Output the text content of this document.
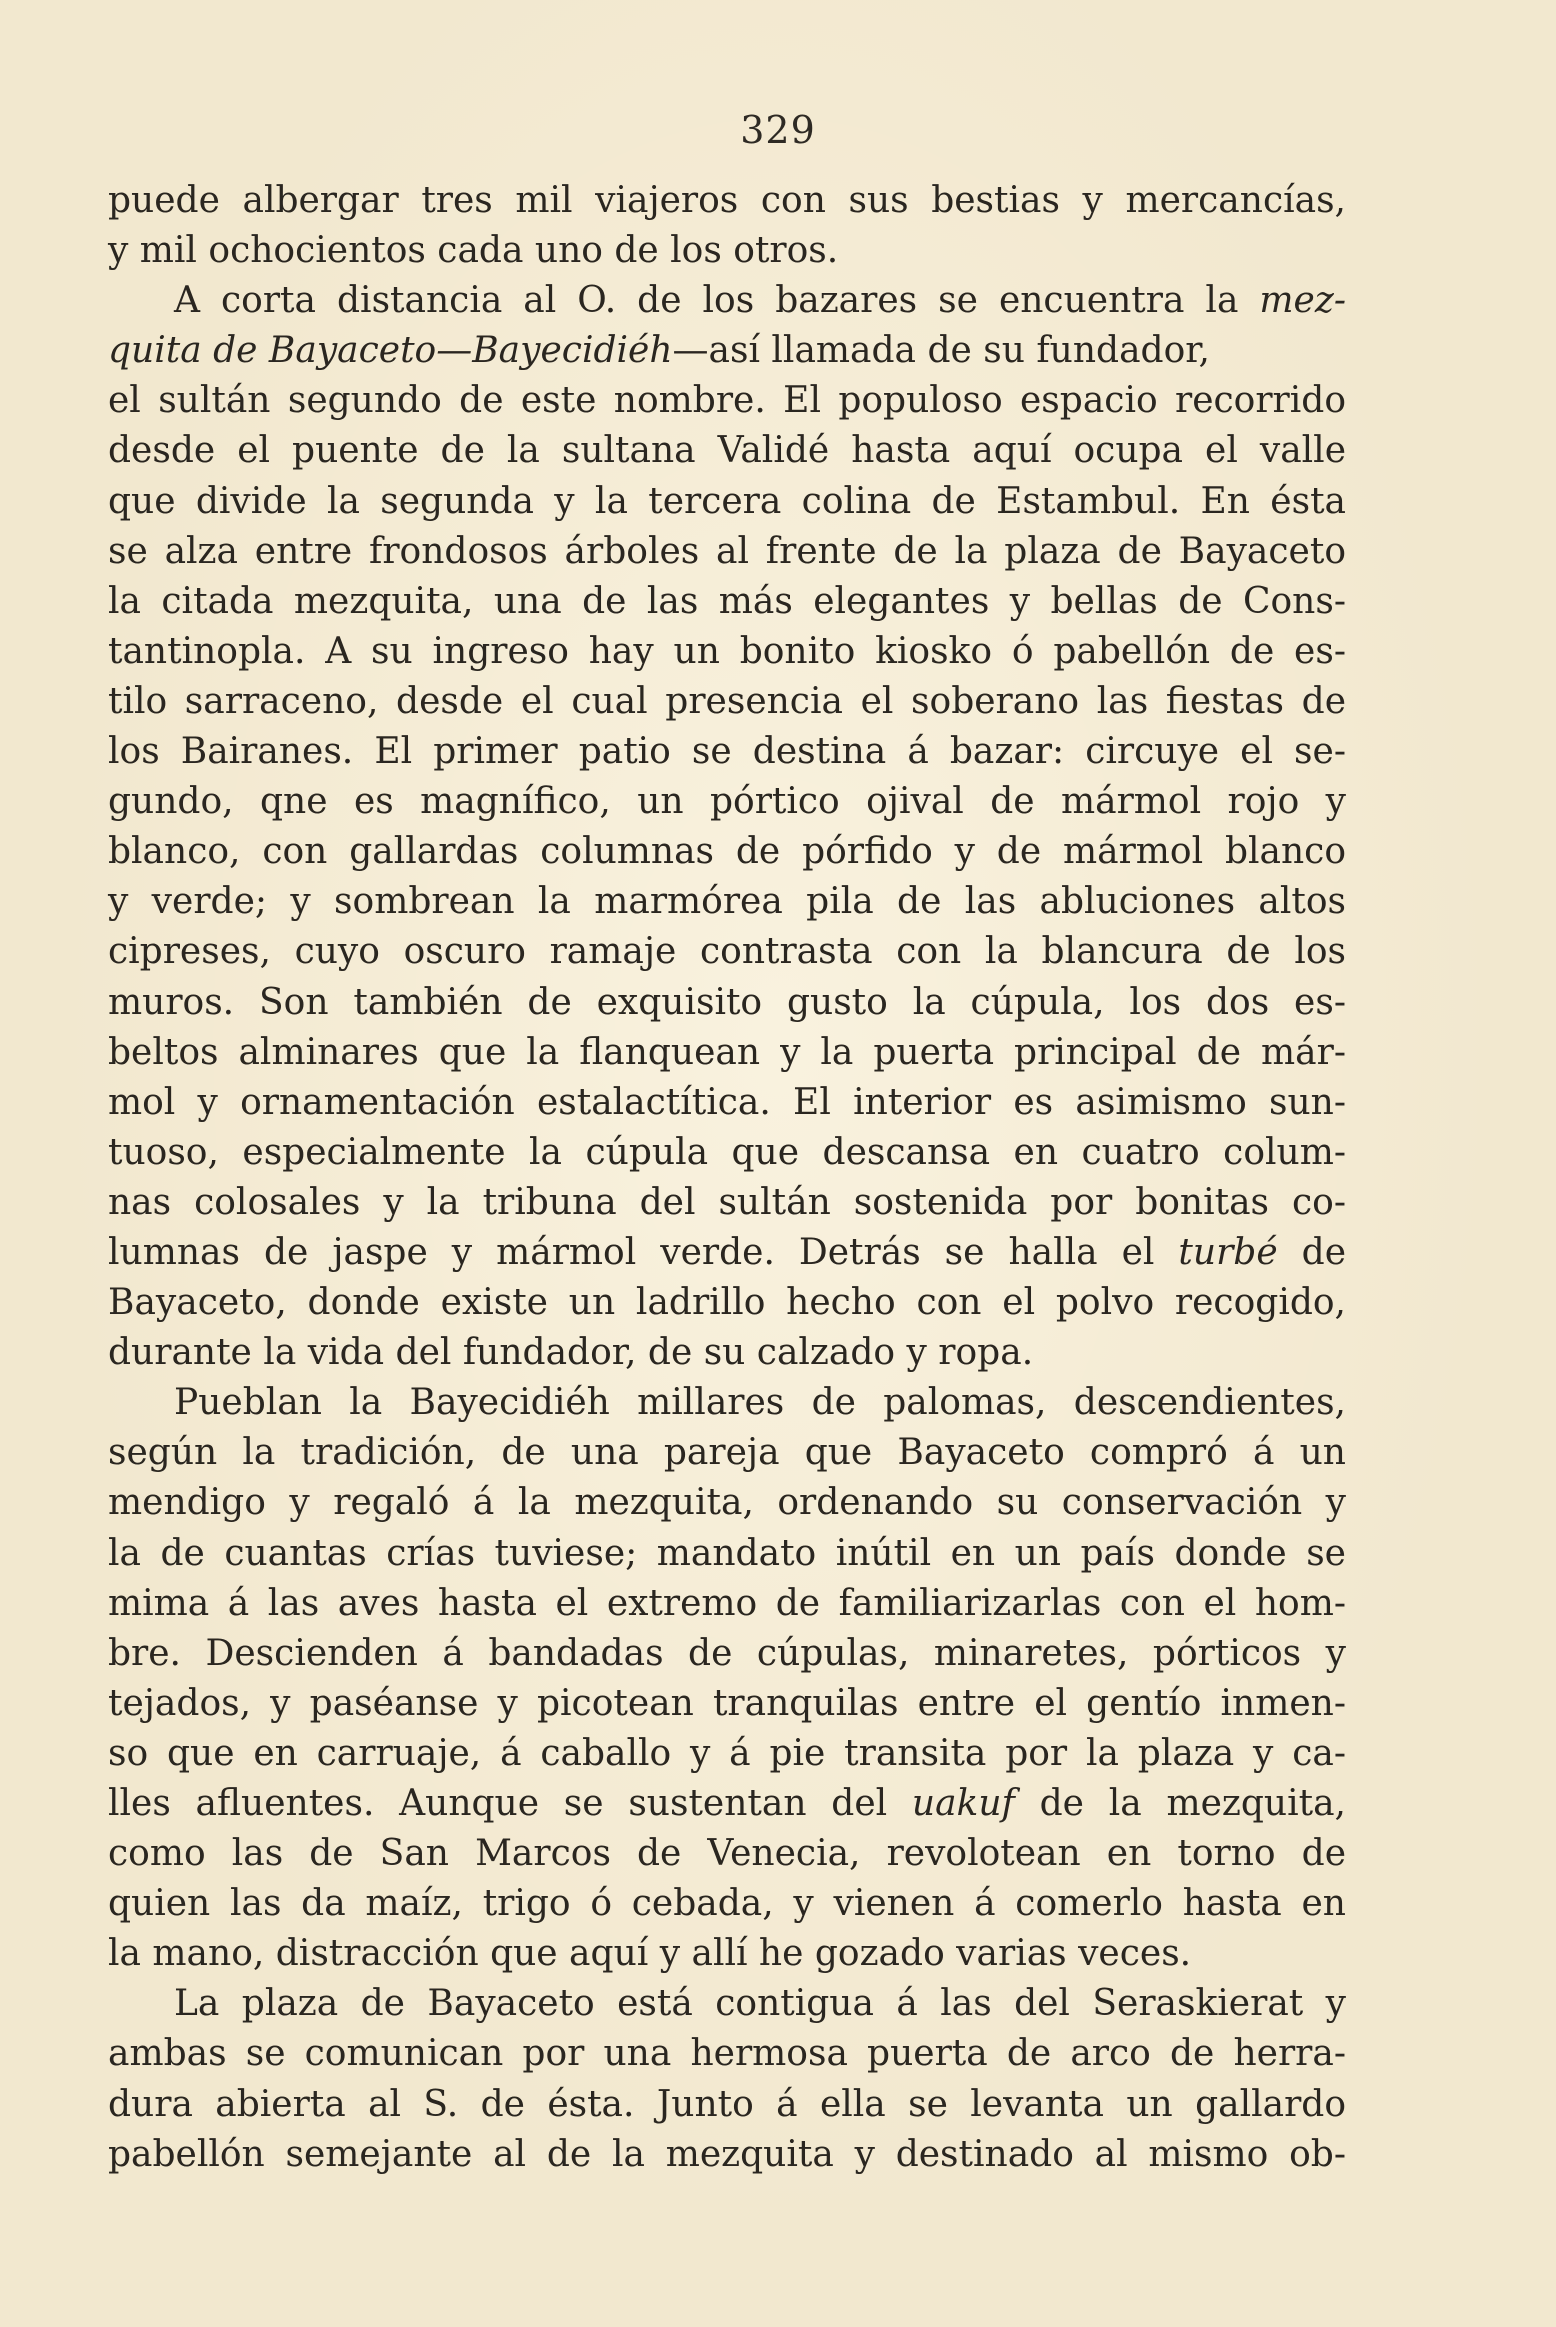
329
puede albergar tres mil viajeros con sus bestias y mercancías,
y mil ochocientos cada uno de los otros.
A corta distancia al O. de los bazares se encuentra la mez-
quita de Bayaceto—Bayecidiéh—así llamada de su fundador,
el sultán segundo de este nombre. El populoso espacio recorrido
desde el puente de la sultana Validé hasta aquí ocupa el valle
que divide la segunda y la tercera colina de Estambul. En ésta
se alza entre frondosos árboles al frente de la plaza de Bayaceto
la citada mezquita, una de las más elegantes y bellas de Cons-
tantinopla. A su ingreso hay un bonito kiosko ó pabellón de es-
tilo sarraceno, desde el cual presencia el soberano las fiestas de
los Bairanes. El primer patio se destina á bazar: circuye el se-
gundo, qne es magnífico, un pórtico ojival de mármol rojo y
blanco, con gallardas columnas de pórfido y de mármol blanco
y verde; y sombrean la marmórea pila de las abluciones altos
cipreses, cuyo oscuro ramaje contrasta con la blancura de los
muros. Son también de exquisito gusto la cúpula, los dos es-
beltos alminares que la flanquean y la puerta principal de már-
mol y ornamentación estalactítica. El interior es asimismo sun-
tuoso, especialmente la cúpula que descansa en cuatro colum-
nas colosales y la tribuna del sultán sostenida por bonitas co-
lumnas de jaspe y mármol verde. Detrás se halla el turbé de
Bayaceto, donde existe un ladrillo hecho con el polvo recogido,
durante la vida del fundador, de su calzado y ropa.
Pueblan la Bayecidiéh millares de palomas, descendientes,
según la tradición, de una pareja que Bayaceto compró á un
mendigo y regaló á la mezquita, ordenando su conservación y
la de cuantas crías tuviese; mandato inútil en un país donde se
mima á las aves hasta el extremo de familiarizarlas con el hom-
bre. Descienden á bandadas de cúpulas, minaretes, pórticos y
tejados, y paséanse y picotean tranquilas entre el gentío inmen-
so que en carruaje, á caballo y á pie transita por la plaza y ca-
lles afluentes. Aunque se sustentan del uakuf de la mezquita,
como las de San Marcos de Venecia, revolotean en torno de
quien las da maíz, trigo ó cebada, y vienen á comerlo hasta en
la mano, distracción que aquí y allí he gozado varias veces.
La plaza de Bayaceto está contigua á las del Seraskierat y
ambas se comunican por una hermosa puerta de arco de herra-
dura abierta al S. de ésta. Junto á ella se levanta un gallardo
pabellón semejante al de la mezquita y destinado al mismo ob-
